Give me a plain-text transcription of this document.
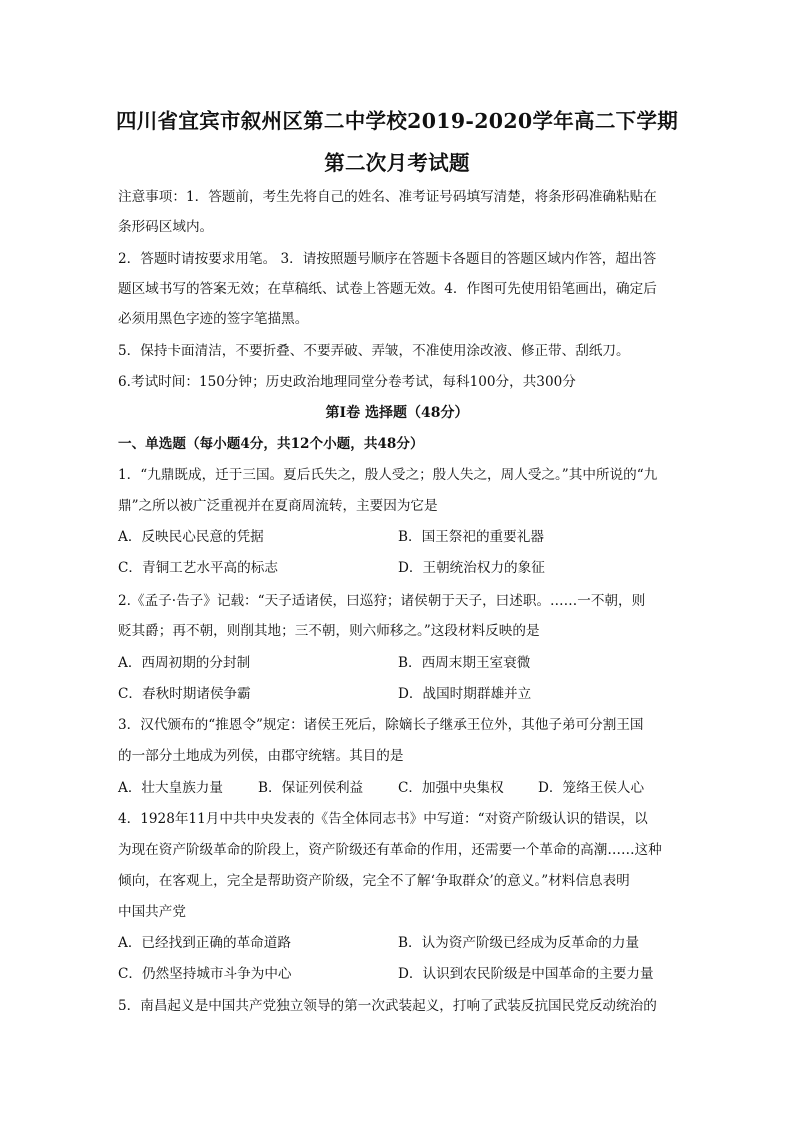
四川省宜宾市叙州区第二中学校2019-2020学年高二下学期
第二次月考试题
注意事项：1．答题前，考生先将自己的姓名、准考证号码填写清楚，将条形码准确粘贴在
条形码区域内。
2．答题时请按要求用笔。 3．请按照题号顺序在答题卡各题目的答题区域内作答，超出答
题区域书写的答案无效；在草稿纸、试卷上答题无效。4．作图可先使用铅笔画出，确定后
必须用黑色字迹的签字笔描黑。
5．保持卡面清洁，不要折叠、不要弄破、弄皱，不准使用涂改液、修正带、刮纸刀。
6.考试时间：150分钟；历史政治地理同堂分卷考试，每科100分，共300分
第Ⅰ卷 选择题（48分）
一、单选题（每小题4分，共12个小题，共48分）
1．“九鼎既成，迁于三国。夏后氏失之，殷人受之；殷人失之，周人受之。”其中所说的“九
鼎”之所以被广泛重视并在夏商周流转，主要因为它是
A．反映民心民意的凭据	B．国王祭祀的重要礼器
C．青铜工艺水平高的标志	D．王朝统治权力的象征
2.《孟子·告子》记载：“天子适诸侯，曰巡狩；诸侯朝于天子，曰述职。……一不朝，则
贬其爵；再不朝，则削其地；三不朝，则六师移之。”这段材料反映的是
A．西周初期的分封制	B．西周末期王室衰微
C．春秋时期诸侯争霸	D．战国时期群雄并立
3．汉代颁布的“推恩令”规定：诸侯王死后，除嫡长子继承王位外，其他子弟可分割王国
的一部分土地成为列侯，由郡守统辖。其目的是
A．壮大皇族力量	B．保证列侯利益	C．加强中央集权	D．笼络王侯人心
4．1928年11月中共中央发表的《告全体同志书》中写道：“对资产阶级认识的错误，以
为现在资产阶级革命的阶段上，资产阶级还有革命的作用，还需要一个革命的高潮……这种
倾向，在客观上，完全是帮助资产阶级，完全不了解‘争取群众’的意义。”材料信息表明
中国共产党
A．已经找到正确的革命道路	B．认为资产阶级已经成为反革命的力量
C．仍然坚持城市斗争为中心	D．认识到农民阶级是中国革命的主要力量
5．南昌起义是中国共产党独立领导的第一次武装起义，打响了武装反抗国民党反动统治的
